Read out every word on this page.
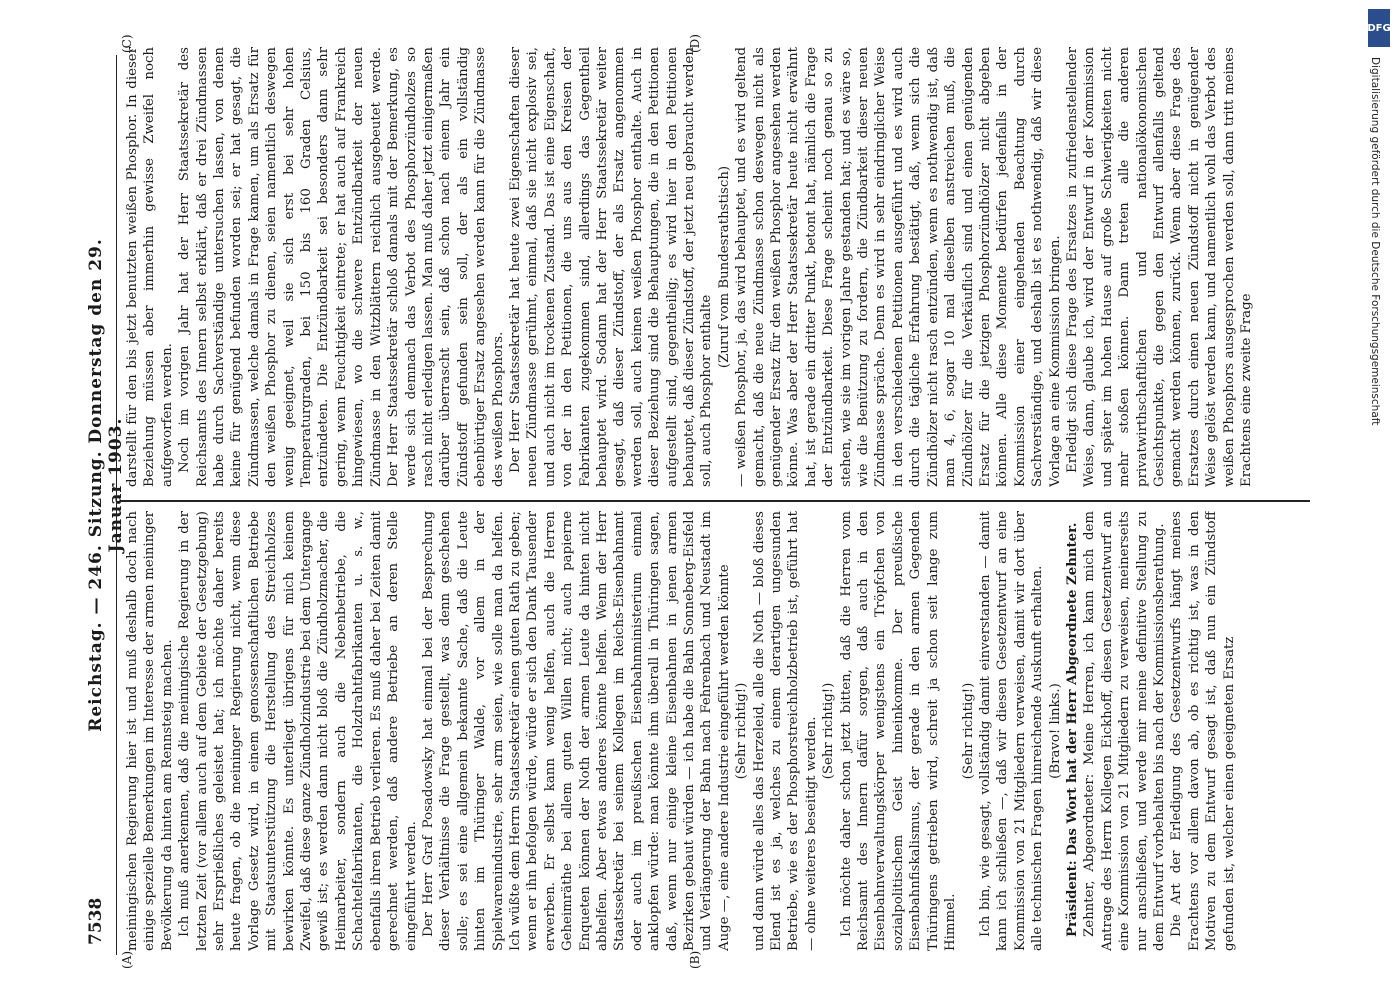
7538
Reichstag. — 246. Sitzung. Donnerstag den 29. Januar 1903.
(A)	(B)
(C)	(D)

meiningischen Regierung hier ist und muß deshalb doch nach einige spezielle Bemerkungen im Interesse der armen meininger Bevölkerung da hinten am Rennsteig machen. Ich muß anerkennen, daß die meiningische Regierung in der letzten Zeit (vor allem auch auf dem Gebiete der Gesetzgebung) sehr Ersprießliches geleistet hat; ich möchte daher bereits heute fragen, ob die meininger Regierung nicht, wenn diese Vorlage Gesetz wird, in einem genossenschaftlichen Betriebe mit Staatsunterstützung die Herstellung des Streichholzes bewirken könnte. Es unterliegt übrigens für mich keinem Zweifel, daß diese ganze Zündholzindustrie bei dem Untergange gewiß ist; es werden dann nicht bloß die Zündholzmacher, die Heimarbeiter, sondern auch die Nebenbetriebe, die Schachtelfabrikanten, die Holzdrahtfabrikanten u. s. w., ebenfalls ihren Betrieb verlieren. Es muß daher bei Zeiten damit gerechnet werden, daß andere Betriebe an deren Stelle eingeführt werden. Der Herr Graf Posadowsky hat einmal bei der Besprechung dieser Verhältnisse die Frage gestellt, was denn geschehen solle; es sei eine allgemein bekannte Sache, daß die Leute hinten im Thüringer Walde, vor allem in der Spielwarenindustrie, sehr arm seien, wie solle man da helfen. Ich wüßte dem Herrn Staatssekretär einen guten Rath zu geben; wenn er ihn befolgen würde, würde er sich den Dank Tausender erwerben. Er selbst kann wenig helfen, auch die Herren Geheimräthe bei allem guten Willen nicht; auch papierne Enqueten können der Noth der armen Leute da hinten nicht abhelfen. Aber etwas anderes könnte helfen. Wenn der Herr Staatssekretär bei seinem Kollegen im Reichs-Eisenbahnamt oder auch im preußischen Eisenbahnministerium einmal anklopfen würde: man könnte ihm überall in Thüringen sagen, daß, wenn nur einige kleine Eisenbahnen in jenen armen Bezirken gebaut würden — ich habe die Bahn Sonneberg-Eisfeld und Verlängerung der Bahn nach Fehrenbach und Neustadt im Auge —, eine andere Industrie eingeführt werden könnte (Sehr richtig!) und dann würde alles das Herzeleid, alle die Noth — bloß dieses Elend ist es ja, welches zu einem derartigen ungesunden Betriebe, wie es der Phosphorstreichholzbetrieb ist, geführt hat — ohne weiteres beseitigt werden. (Sehr richtig!) Ich möchte daher schon jetzt bitten, daß die Herren vom Reichsamt des Innern dafür sorgen, daß auch in den Eisenbahnverwaltungskörper wenigstens ein Tröpfchen von sozialpolitischem Geist hineinkomme. Der preußische Eisenbahnfiskalismus, der gerade in den armen Gegenden Thüringens getrieben wird, schreit ja schon seit lange zum Himmel.

(Sehr richtig!) Ich bin, wie gesagt, vollständig damit einverstanden — damit kann ich schließen —, daß wir diesen Gesetzentwurf an eine Kommission von 21 Mitgliedern verweisen, damit wir dort über alle technischen Fragen hinreichende Auskunft erhalten. (Bravo! links.) Präsident: Das Wort hat der Herr Abgeordnete Zehnter. Zehnter, Abgeordneter: Meine Herren, ich kann mich dem Antrage des Herrn Kollegen Eickhoff, diesen Gesetzentwurf an eine Kommission von 21 Mitgliedern zu verweisen, meinerseits nur anschließen, und werde mir meine definitive Stellung zu dem Entwurf vorbehalten bis nach der Kommissionsberathung. Die Art der Erledigung des Gesetzentwurfs hängt meines Erachtens vor allem davon ab, ob es richtig ist, was in den Motiven zu dem Entwurf gesagt ist, daß nun ein Zündstoff gefunden ist, welcher einen geeigneten Ersatz

darstellt für den bis jetzt benutzten weißen Phosphor. In dieser Beziehung müssen aber immerhin gewisse Zweifel noch aufgeworfen werden. Noch im vorigen Jahr hat der Herr Staatssekretär des Reichsamts des Innern selbst erklärt, daß er drei Zündmassen habe durch Sachverständige untersuchen lassen, von denen keine für genügend befunden worden sei; er hat gesagt, die Zündmassen, welche damals in Frage kamen, um als Ersatz für den weißen Phosphor zu dienen, seien namentlich deswegen wenig geeignet, weil sie sich erst bei sehr hohen Temperaturgraden, bei 150 bis 160 Graden Celsius, entzündeten. Die Entzündbarkeit sei besonders dann sehr gering, wenn Feuchtigkeit eintrete; er hat auch auf Frankreich hingewiesen, wo die schwere Entzündbarkeit der neuen Zündmasse in den Witzblättern reichlich ausgebeutet werde. Der Herr Staatssekretär schloß damals mit der Bemerkung, es werde sich demnach das Verbot des Phosphorzündholzes so rasch nicht erledigen lassen. Man muß daher jetzt einigermaßen darüber überrascht sein, daß schon nach einem Jahr ein Zündstoff gefunden sein soll, der als ein vollständig ebenbürtiger Ersatz angesehen werden kann für die Zündmasse des weißen Phosphors. Der Herr Staatssekretär hat heute zwei Eigenschaften dieser neuen Zündmasse gerühmt, einmal, daß sie nicht explosiv sei, und auch nicht im trockenen Zustand. Das ist eine Eigenschaft, von der in den Petitionen, die uns aus den Kreisen der Fabrikanten zugekommen sind, allerdings das Gegentheil behauptet wird. Sodann hat der Herr Staatssekretär weiter gesagt, daß dieser Zündstoff, der als Ersatz angenommen werden soll, auch keinen weißen Phosphor enthalte. Auch in dieser Beziehung sind die Behauptungen, die in den Petitionen aufgestellt sind, gegentheilig; es wird hier in den Petitionen behauptet, daß dieser Zündstoff, der jetzt neu gebraucht werden soll, auch Phosphor enthalte

(Zuruf vom Bundesrathstisch) — weißen Phosphor, ja, das wird behauptet, und es wird geltend gemacht, daß die neue Zündmasse schon deswegen nicht als genügender Ersatz für den weißen Phosphor angesehen werden könne. Was aber der Herr Staatssekretär heute nicht erwähnt hat, ist gerade ein dritter Punkt, betont hat, nämlich die Frage der Entzündbarkeit. Diese Frage scheint noch genau so zu stehen, wie sie im vorigen Jahre gestanden hat; und es wäre so, wie die Benützung zu fordern, die Zündbarkeit dieser neuen Zündmasse spräche. Denn es wird in sehr eindringlicher Weise in den verschiedenen Petitionen ausgeführt und es wird auch durch die tägliche Erfahrung bestätigt, daß, wenn sich die Zündhölzer nicht rasch entzünden, wenn es nothwendig ist, daß man 4, 6, sogar 10 mal dieselben anstreichen muß, die Zündhölzer für die Verkäuflich sind und einen genügenden Ersatz für die jetzigen Phosphorzündhölzer nicht abgeben können. Alle diese Momente bedürfen jedenfalls in der Kommission einer eingehenden Beachtung durch Sachverständige, und deshalb ist es nothwendig, daß wir diese Vorlage an eine Kommission bringen. Erledigt sich diese Frage des Ersatzes in zufriedenstellender Weise, dann, glaube ich, wird der Entwurf in der Kommission und später im hohen Hause auf große Schwierigkeiten nicht mehr stoßen können. Dann treten alle die anderen privatwirthschaftlichen und nationalökonomischen Gesichtspunkte, die gegen den Entwurf allenfalls geltend gemacht werden können, zurück. Wenn aber diese Frage des Ersatzes durch einen neuen Zündstoff nicht in genügender Weise gelöst werden kann, und namentlich wohl das Verbot des weißen Phosphors ausgesprochen werden soll, dann tritt meines Erachtens eine zweite Frage

DFG
Digitalisierung gefördert durch die Deutsche Forschungsgemeinschaft
